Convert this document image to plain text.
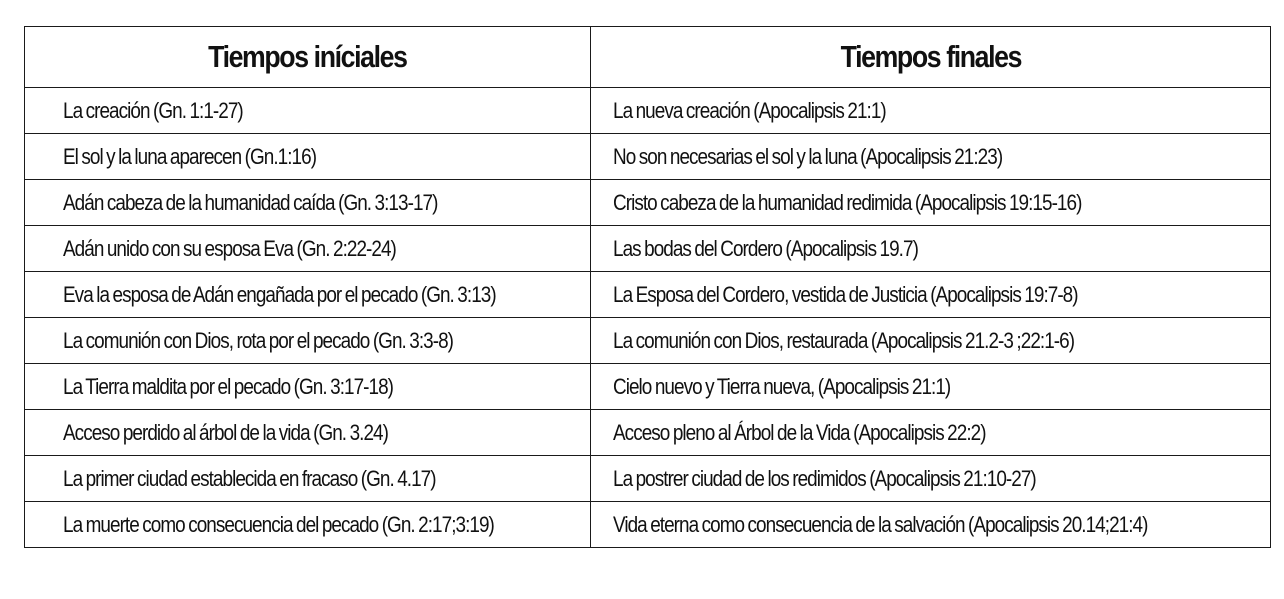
Tiempos iníciales	Tiempos finales
La creación (Gn. 1:1-27)	La nueva creación (Apocalipsis 21:1)
El sol y la luna aparecen (Gn.1:16)	No son necesarias el sol y la luna (Apocalipsis 21:23)
Adán cabeza de la humanidad caída (Gn. 3:13-17)	Cristo cabeza de la humanidad redimida (Apocalipsis 19:15-16)
Adán unido con su esposa Eva (Gn. 2:22-24)	Las bodas del Cordero (Apocalipsis 19.7)
Eva la esposa de Adán engañada por el pecado (Gn. 3:13)	La Esposa del Cordero, vestida de Justicia (Apocalipsis 19:7-8)
La comunión con Dios, rota por el pecado (Gn. 3:3-8)	La comunión con Dios, restaurada (Apocalipsis 21.2-3 ;22:1-6)
La Tierra maldita por el pecado (Gn. 3:17-18)	Cielo nuevo y Tierra nueva, (Apocalipsis 21:1)
Acceso perdido al árbol de la vida (Gn. 3.24)	Acceso pleno al Árbol de la Vida (Apocalipsis 22:2)
La primer ciudad establecida en fracaso (Gn. 4.17)	La postrer ciudad de los redimidos (Apocalipsis 21:10-27)
La muerte como consecuencia del pecado (Gn. 2:17;3:19)	Vida eterna como consecuencia de la salvación (Apocalipsis 20.14;21:4)
